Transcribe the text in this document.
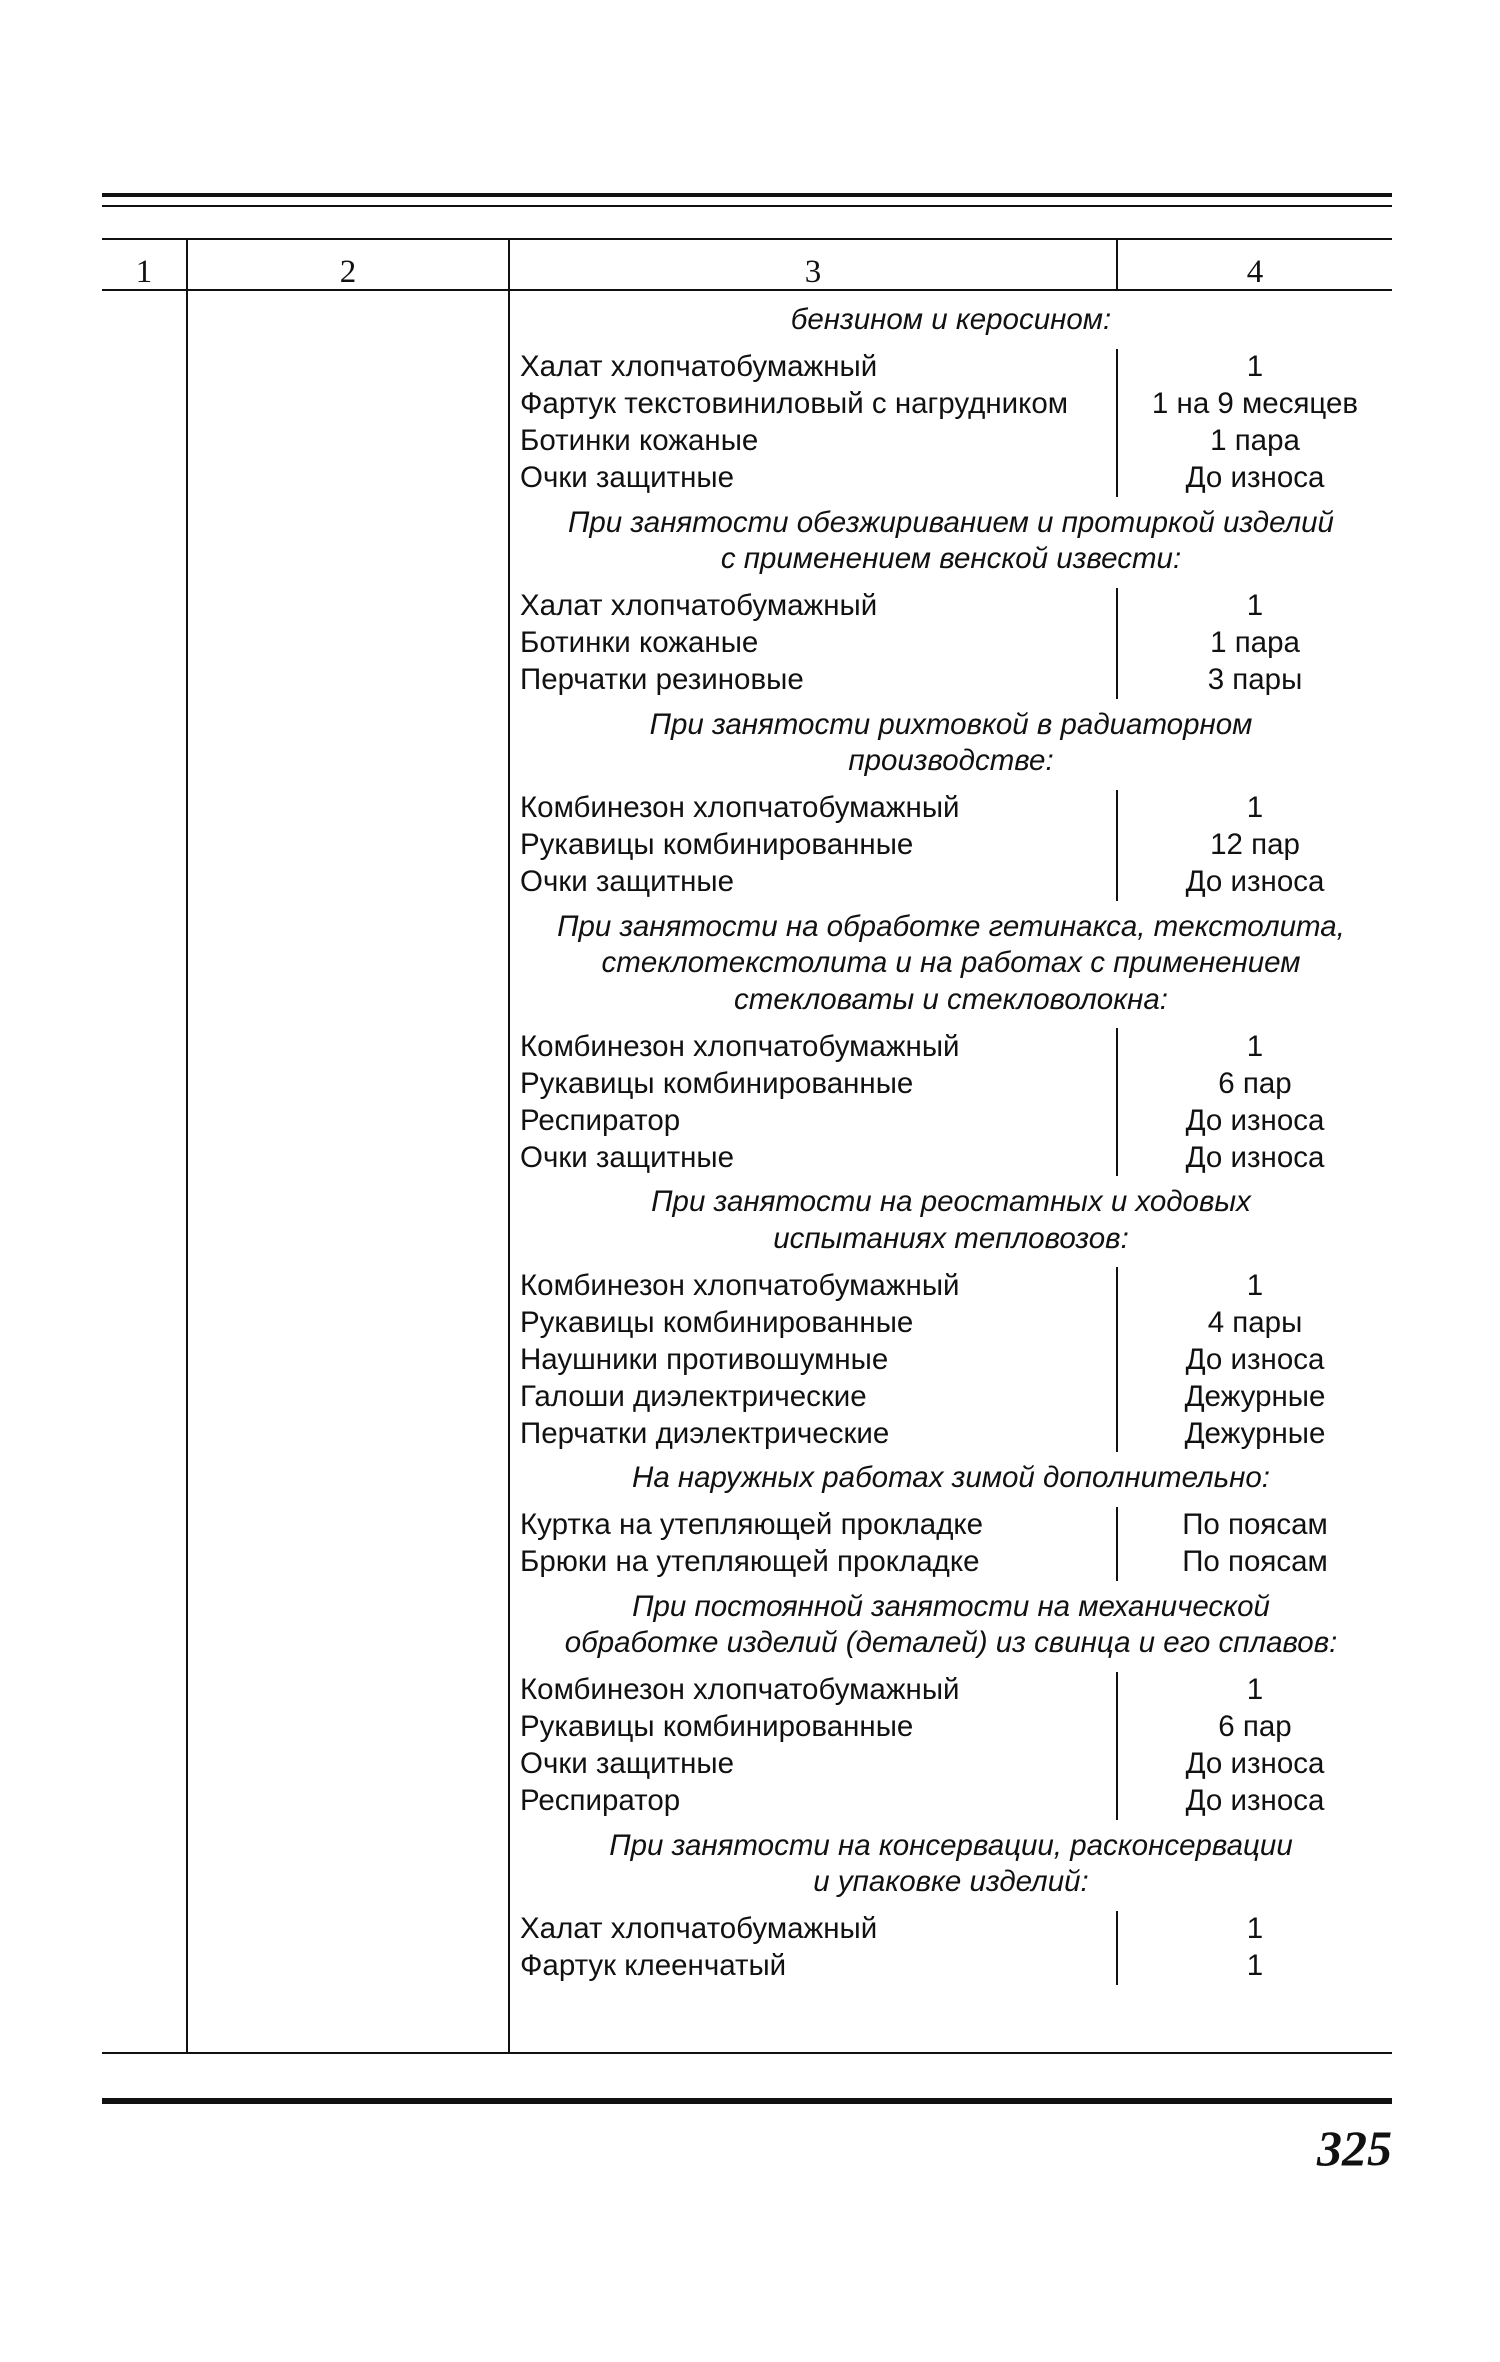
1	2	3	4
бензином и керосином:
Халат хлопчатобумажный	1
Фартук текстовиниловый с нагрудником	1 на 9 месяцев
Ботинки кожаные	1 пара
Очки защитные	До износа
При занятости обезжириванием и протиркой изделий
с применением венской извести:
Халат хлопчатобумажный	1
Ботинки кожаные	1 пара
Перчатки резиновые	3 пары
При занятости рихтовкой в радиаторном
производстве:
Комбинезон хлопчатобумажный	1
Рукавицы комбинированные	12 пар
Очки защитные	До износа
При занятости на обработке гетинакса, текстолита,
стеклотекстолита и на работах с применением
стекловаты и стекловолокна:
Комбинезон хлопчатобумажный	1
Рукавицы комбинированные	6 пар
Респиратор	До износа
Очки защитные	До износа
При занятости на реостатных и ходовых
испытаниях тепловозов:
Комбинезон хлопчатобумажный	1
Рукавицы комбинированные	4 пары
Наушники противошумные	До износа
Галоши диэлектрические	Дежурные
Перчатки диэлектрические	Дежурные
На наружных работах зимой дополнительно:
Куртка на утепляющей прокладке	По поясам
Брюки на утепляющей прокладке	По поясам
При постоянной занятости на механической
обработке изделий (деталей) из свинца и его сплавов:
Комбинезон хлопчатобумажный	1
Рукавицы комбинированные	6 пар
Очки защитные	До износа
Респиратор	До износа
При занятости на консервации, расконсервации
и упаковке изделий:
Халат хлопчатобумажный	1
Фартук клеенчатый	1
325
